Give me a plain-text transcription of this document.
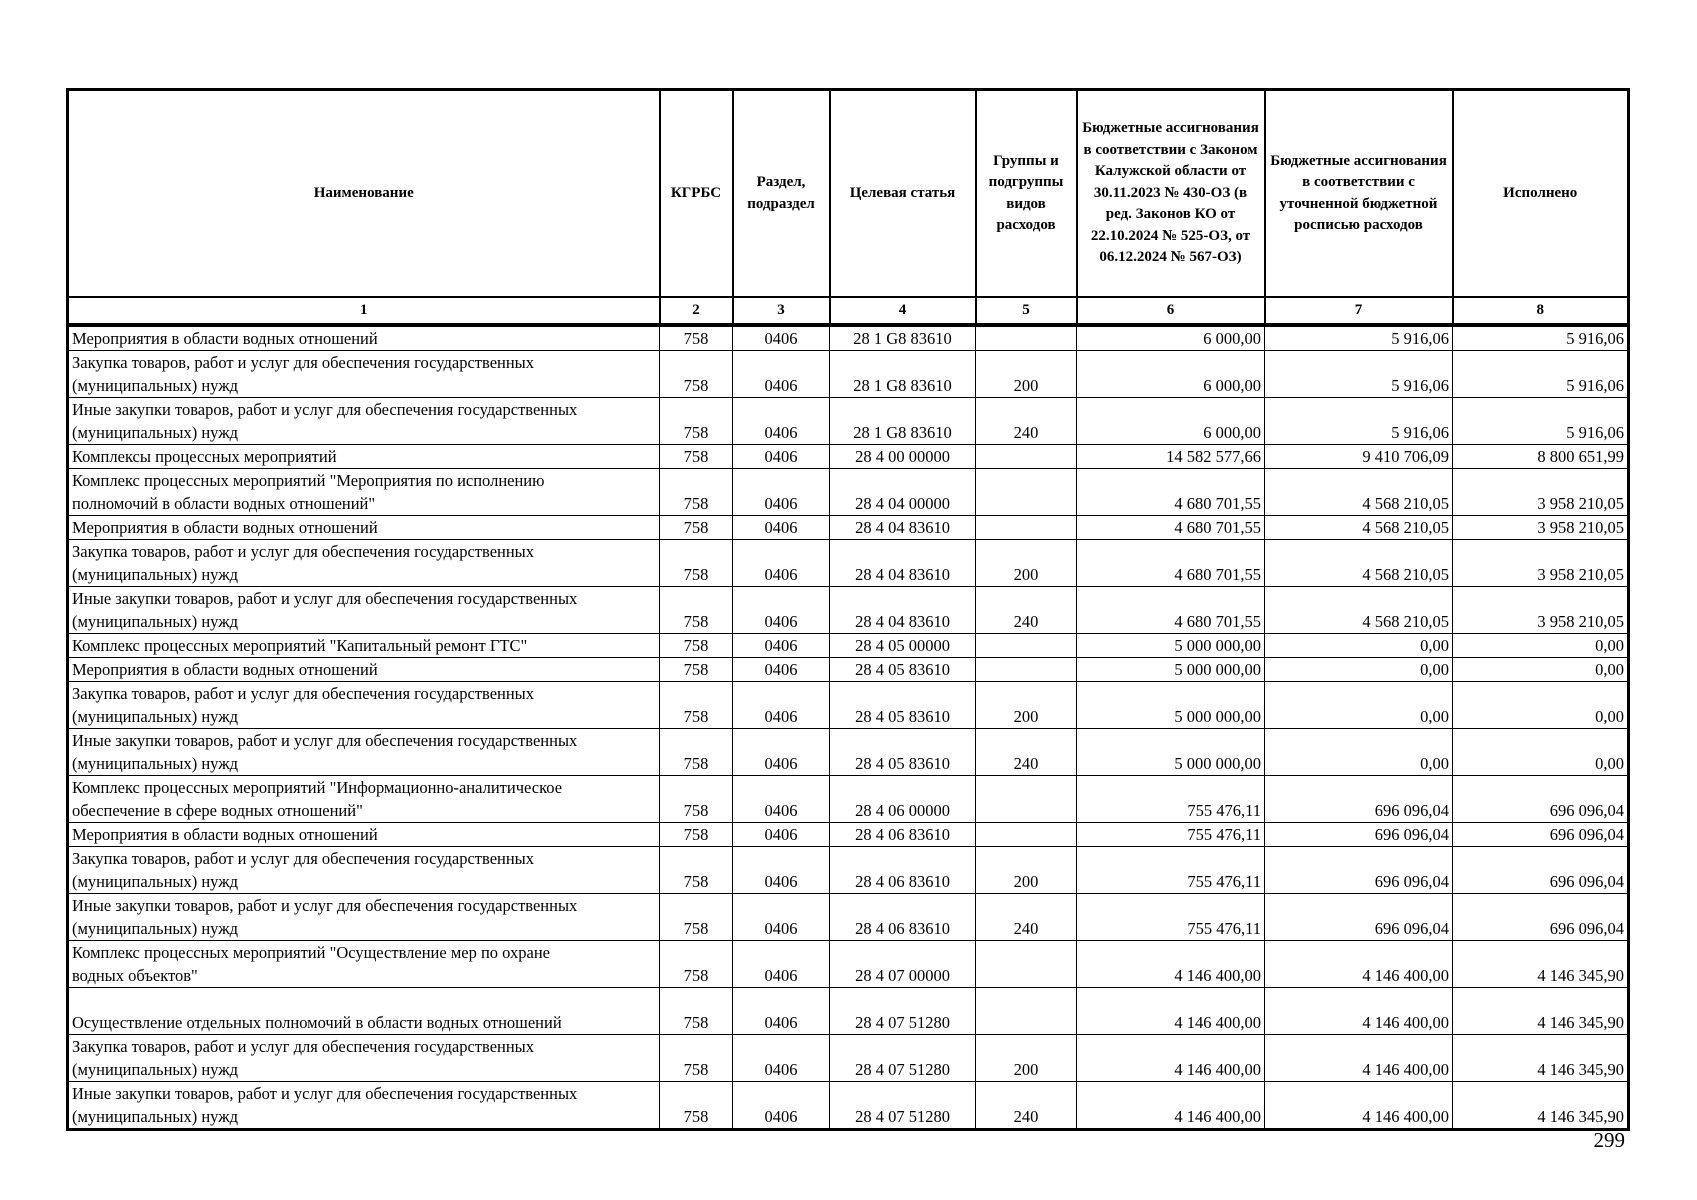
Наименование	КГРБС	Раздел, подраздел	Целевая статья	Группы и подгруппы видов расходов	Бюджетные ассигнования в соответствии с Законом Калужской области от 30.11.2023 № 430-ОЗ (в ред. Законов КО от 22.10.2024 № 525-ОЗ, от 06.12.2024 № 567-ОЗ)	Бюджетные ассигнования в соответствии с уточненной бюджетной росписью расходов	Исполнено
1	2	3	4	5	6	7	8
Мероприятия в области водных отношений	758	0406	28 1 G8 83610		6 000,00	5 916,06	5 916,06
Закупка товаров, работ и услуг для обеспечения государственных
(муниципальных) нужд	758	0406	28 1 G8 83610	200	6 000,00	5 916,06	5 916,06
Иные закупки товаров, работ и услуг для обеспечения государственных
(муниципальных) нужд	758	0406	28 1 G8 83610	240	6 000,00	5 916,06	5 916,06
Комплексы процессных мероприятий	758	0406	28 4 00 00000		14 582 577,66	9 410 706,09	8 800 651,99
Комплекс процессных мероприятий "Мероприятия по исполнению
полномочий в области водных отношений"	758	0406	28 4 04 00000		4 680 701,55	4 568 210,05	3 958 210,05
Мероприятия в области водных отношений	758	0406	28 4 04 83610		4 680 701,55	4 568 210,05	3 958 210,05
Закупка товаров, работ и услуг для обеспечения государственных
(муниципальных) нужд	758	0406	28 4 04 83610	200	4 680 701,55	4 568 210,05	3 958 210,05
Иные закупки товаров, работ и услуг для обеспечения государственных
(муниципальных) нужд	758	0406	28 4 04 83610	240	4 680 701,55	4 568 210,05	3 958 210,05
Комплекс процессных мероприятий "Капитальный ремонт ГТС"	758	0406	28 4 05 00000		5 000 000,00	0,00	0,00
Мероприятия в области водных отношений	758	0406	28 4 05 83610		5 000 000,00	0,00	0,00
Закупка товаров, работ и услуг для обеспечения государственных
(муниципальных) нужд	758	0406	28 4 05 83610	200	5 000 000,00	0,00	0,00
Иные закупки товаров, работ и услуг для обеспечения государственных
(муниципальных) нужд	758	0406	28 4 05 83610	240	5 000 000,00	0,00	0,00
Комплекс процессных мероприятий "Информационно-аналитическое
обеспечение в сфере водных отношений"	758	0406	28 4 06 00000		755 476,11	696 096,04	696 096,04
Мероприятия в области водных отношений	758	0406	28 4 06 83610		755 476,11	696 096,04	696 096,04
Закупка товаров, работ и услуг для обеспечения государственных
(муниципальных) нужд	758	0406	28 4 06 83610	200	755 476,11	696 096,04	696 096,04
Иные закупки товаров, работ и услуг для обеспечения государственных
(муниципальных) нужд	758	0406	28 4 06 83610	240	755 476,11	696 096,04	696 096,04
Комплекс процессных мероприятий "Осуществление мер по охране
водных объектов"	758	0406	28 4 07 00000		4 146 400,00	4 146 400,00	4 146 345,90
Осуществление отдельных полномочий в области водных отношений	758	0406	28 4 07 51280		4 146 400,00	4 146 400,00	4 146 345,90
Закупка товаров, работ и услуг для обеспечения государственных
(муниципальных) нужд	758	0406	28 4 07 51280	200	4 146 400,00	4 146 400,00	4 146 345,90
Иные закупки товаров, работ и услуг для обеспечения государственных
(муниципальных) нужд	758	0406	28 4 07 51280	240	4 146 400,00	4 146 400,00	4 146 345,90
299
